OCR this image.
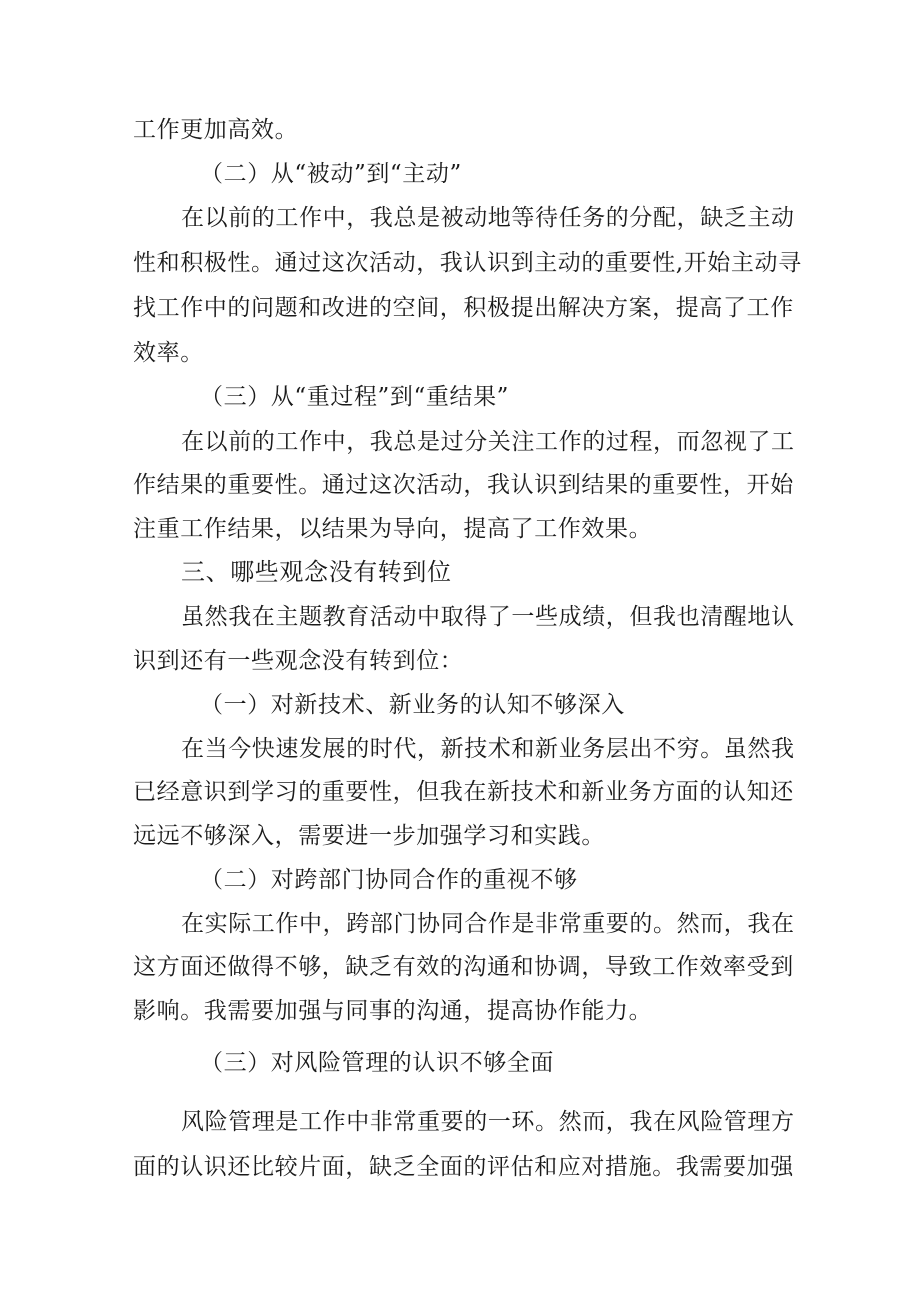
工作更加高效。
（二）从“被动”到“主动”
在以前的工作中，我总是被动地等待任务的分配，缺乏主动
性和积极性。通过这次活动，我认识到主动的重要性,开始主动寻
找工作中的问题和改进的空间，积极提出解决方案，提高了工作
效率。
（三）从“重过程”到“重结果”
在以前的工作中，我总是过分关注工作的过程，而忽视了工
作结果的重要性。通过这次活动，我认识到结果的重要性，开始
注重工作结果，以结果为导向，提高了工作效果。
三、哪些观念没有转到位
虽然我在主题教育活动中取得了一些成绩，但我也清醒地认
识到还有一些观念没有转到位：
（一）对新技术、新业务的认知不够深入
在当今快速发展的时代，新技术和新业务层出不穷。虽然我
已经意识到学习的重要性，但我在新技术和新业务方面的认知还
远远不够深入，需要进一步加强学习和实践。
（二）对跨部门协同合作的重视不够
在实际工作中，跨部门协同合作是非常重要的。然而，我在
这方面还做得不够，缺乏有效的沟通和协调，导致工作效率受到
影响。我需要加强与同事的沟通，提高协作能力。
（三）对风险管理的认识不够全面
风险管理是工作中非常重要的一环。然而，我在风险管理方
面的认识还比较片面，缺乏全面的评估和应对措施。我需要加强
